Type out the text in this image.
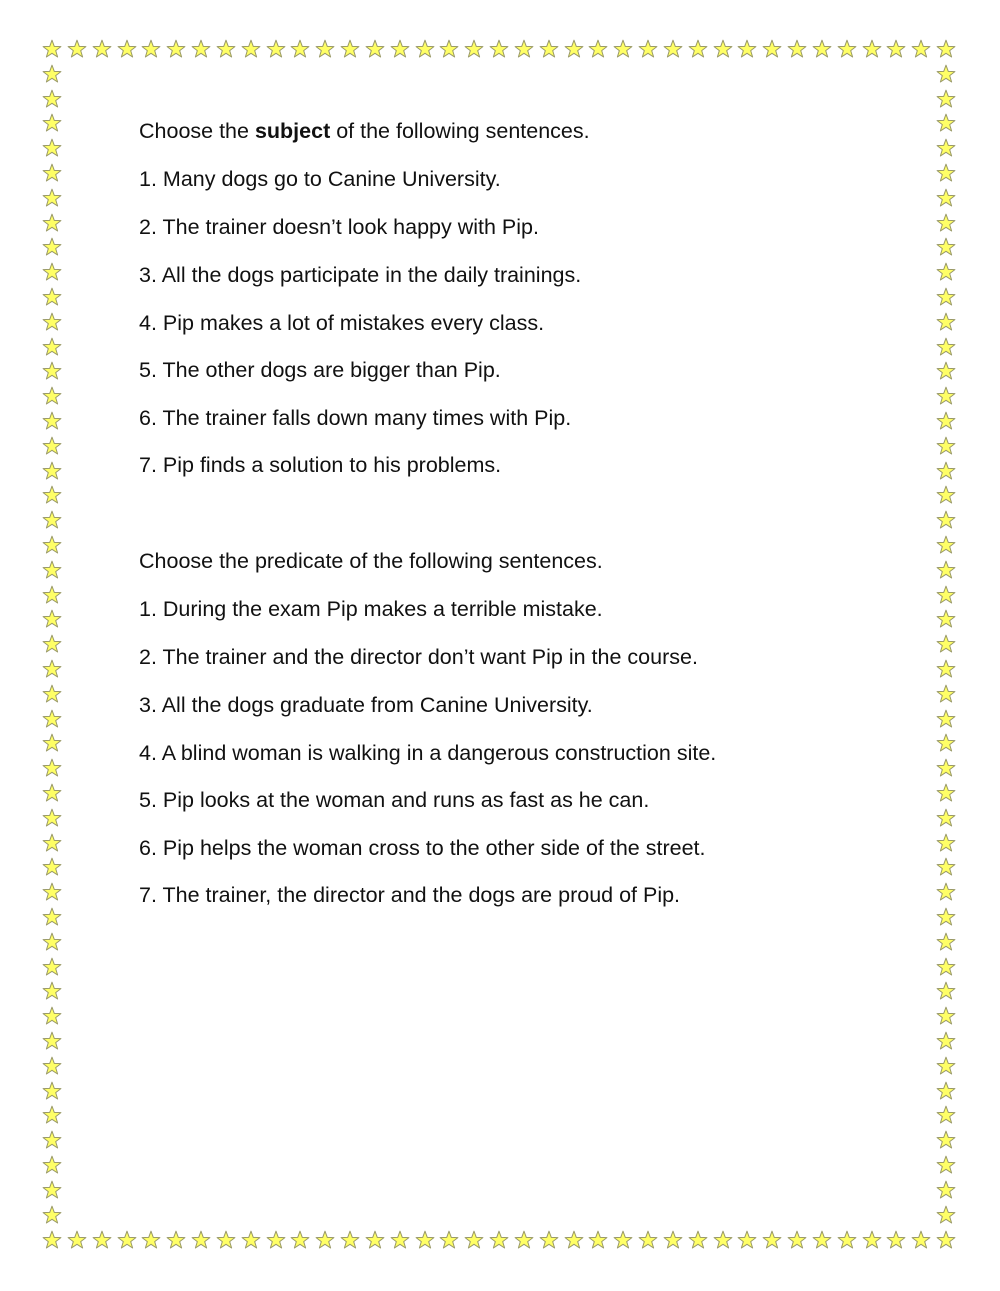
Choose the subject of the following sentences.
1. Many dogs go to Canine University.
2. The trainer doesn’t look happy with Pip.
3. All the dogs participate in the daily trainings.
4. Pip makes a lot of mistakes every class.
5. The other dogs are bigger than Pip.
6. The trainer falls down many times with Pip.
7. Pip finds a solution to his problems.
Choose the predicate of the following sentences.
1. During the exam Pip makes a terrible mistake.
2. The trainer and the director don’t want Pip in the course.
3. All the dogs graduate from Canine University.
4. A blind woman is walking in a dangerous construction site.
5. Pip looks at the woman and runs as fast as he can.
6. Pip helps the woman cross to the other side of the street.
7. The trainer, the director and the dogs are proud of Pip.
